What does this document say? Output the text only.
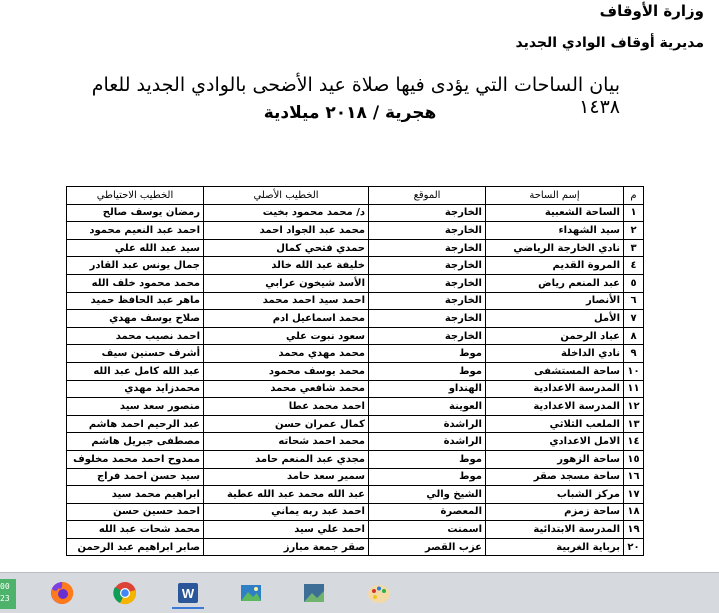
وزارة الأوقاف
مديرية أوقاف الوادي الجديد
بيان الساحات التي يؤدى فيها صلاة عيد الأضحى بالوادي الجديد للعام ١٤٣٨
هجرية / ٢٠١٨ ميلادية
م	إسم الساحة	الموقع	الخطيب الأصلي	الخطيب الاحتياطي
١	الساحة الشعبية	الخارجة	د/ محمد محمود بخيت	رمضان يوسف صالح
٢	سيد الشهداء	الخارجة	محمد عبد الجواد احمد	احمد عبد النعيم محمود
٣	نادي الخارجة الرياضي	الخارجة	حمدي فتحي كمال	سيد عبد الله علي
٤	المروة القديم	الخارجة	خليفة عبد الله خالد	جمال يونس عبد القادر
٥	عبد المنعم رياض	الخارجة	الأسد شيخون عرابي	محمد محمود خلف الله
٦	الأنصار	الخارجة	احمد سيد احمد محمد	ماهر عبد الحافظ حميد
٧	الأمل	الخارجة	محمد اسماعيل ادم	صلاح يوسف مهدي
٨	عباد الرحمن	الخارجة	سعود نبوت علي	احمد نصيب محمد
٩	نادي الداخلة	موط	محمد مهدي محمد	أشرف حسنين سيف
١٠	ساحة المستشفى	موط	محمد يوسف محمود	عبد الله كامل عبد الله
١١	المدرسة الاعدادية	الهنداو	محمد شافعي محمد	محمدزايد مهدي
١٢	المدرسة الاعدادية	العوينة	احمد محمد عطا	منصور سعد سيد
١٣	الملعب الثلاثي	الراشدة	كمال عمران حسن	عبد الرحيم احمد هاشم
١٤	الامل الاعدادي	الراشدة	محمد احمد شحاته	مصطفى جبريل هاشم
١٥	ساحة الزهور	موط	مجدي عبد المنعم حامد	ممدوح احمد محمد مخلوف
١٦	ساحة مسجد صقر	موط	سمير سعد حامد	سيد حسن احمد فراج
١٧	مركز الشباب	الشيخ والي	عبد الله محمد عبد الله عطية	ابراهيم محمد سيد
١٨	ساحة زمزم	المعصرة	احمد عبد ربه يماني	احمد حسين حسن
١٩	المدرسة الابتدائية	اسمنت	احمد علي سيد	محمد شحات عبد الله
٢٠	برباية الغربية	عزب القصر	صقر جمعة مبارز	صابر ابراهيم عبد الرحمن
00
23	W
